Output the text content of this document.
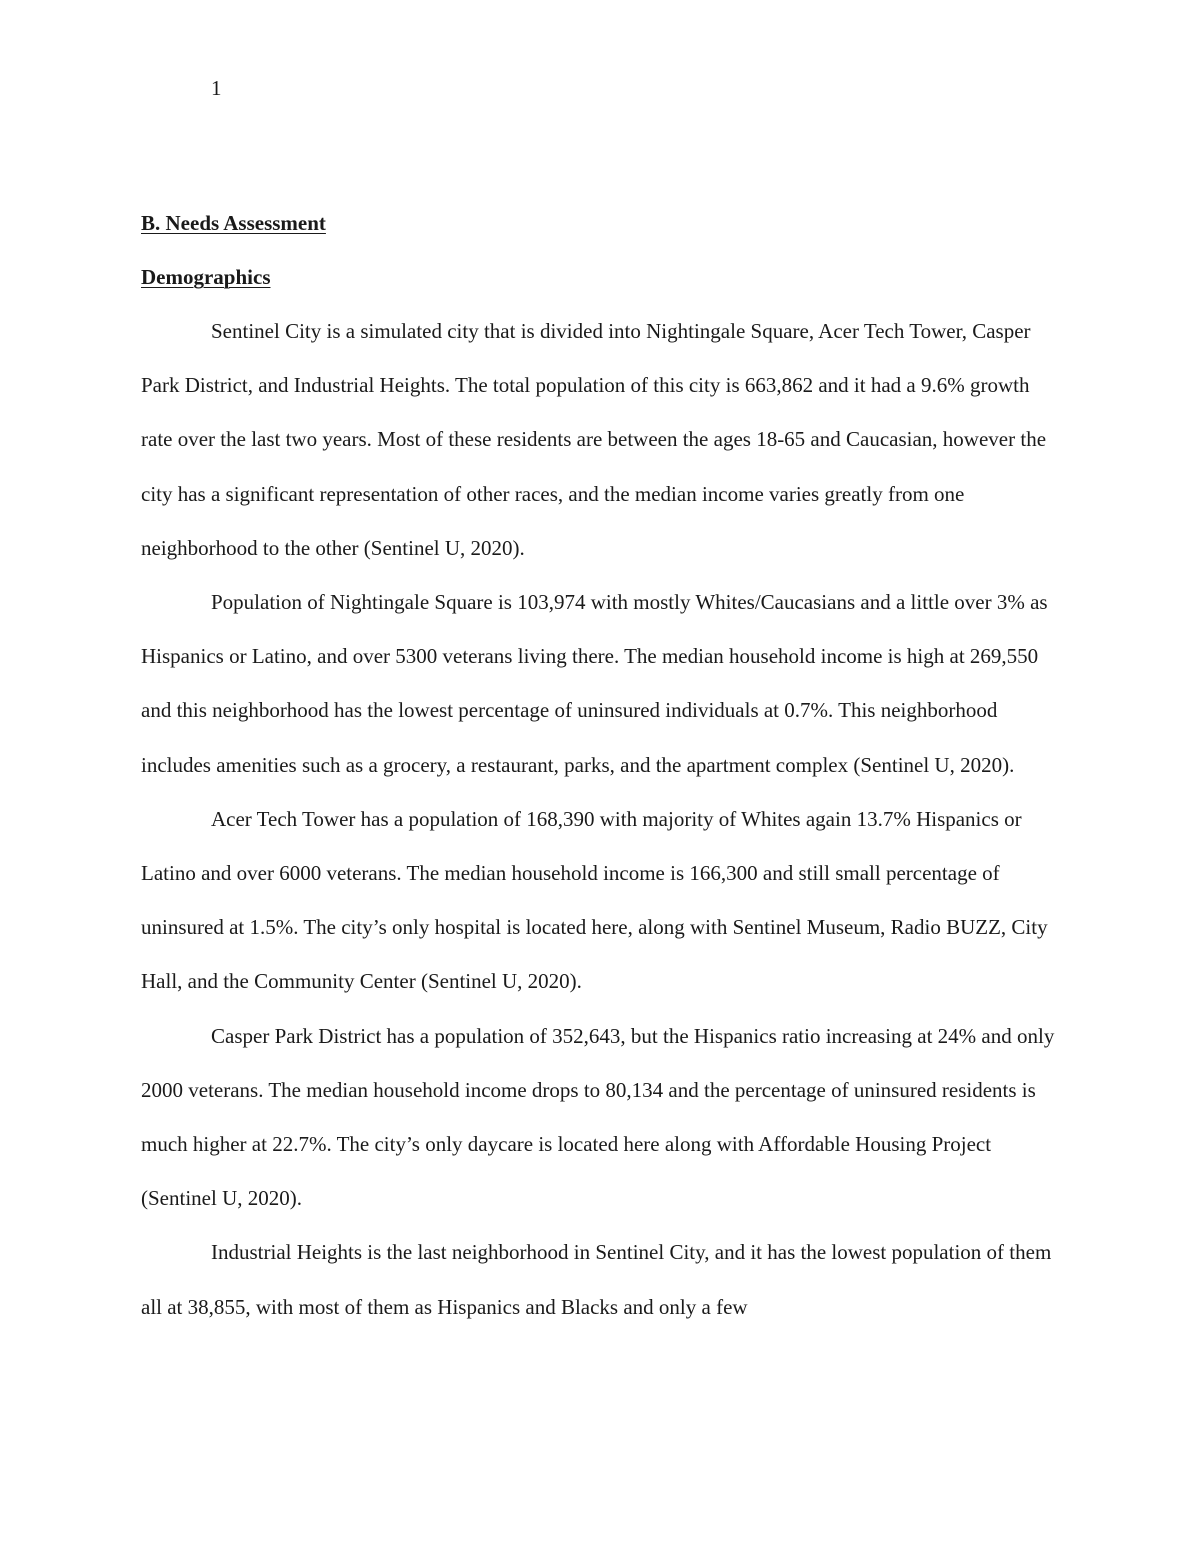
1

B. Needs Assessment

Demographics

Sentinel City is a simulated city that is divided into Nightingale Square, Acer Tech Tower, Casper Park District, and Industrial Heights. The total population of this city is 663,862 and it had a 9.6% growth rate over the last two years. Most of these residents are between the ages 18-65 and Caucasian, however the city has a significant representation of other races, and the median income varies greatly from one neighborhood to the other (Sentinel U, 2020).

Population of Nightingale Square is 103,974 with mostly Whites/Caucasians and a little over 3% as Hispanics or Latino, and over 5300 veterans living there. The median household income is high at 269,550 and this neighborhood has the lowest percentage of uninsured individuals at 0.7%. This neighborhood includes amenities such as a grocery, a restaurant, parks, and the apartment complex (Sentinel U, 2020).

Acer Tech Tower has a population of 168,390 with majority of Whites again 13.7% Hispanics or Latino and over 6000 veterans. The median household income is 166,300 and still small percentage of uninsured at 1.5%. The city’s only hospital is located here, along with Sentinel Museum, Radio BUZZ, City Hall, and the Community Center (Sentinel U, 2020).

Casper Park District has a population of 352,643, but the Hispanics ratio increasing at 24% and only 2000 veterans. The median household income drops to 80,134 and the percentage of uninsured residents is much higher at 22.7%. The city’s only daycare is located here along with Affordable Housing Project (Sentinel U, 2020).

Industrial Heights is the last neighborhood in Sentinel City, and it has the lowest population of them all at 38,855, with most of them as Hispanics and Blacks and only a few
